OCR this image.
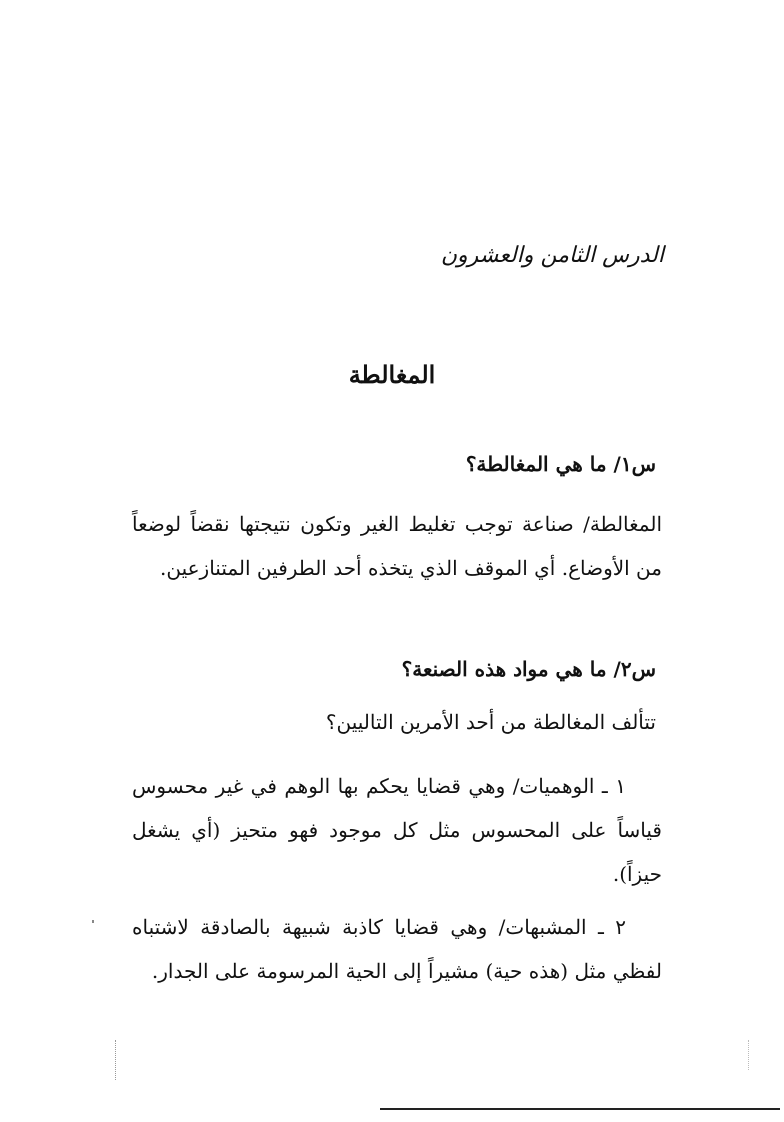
الدرس الثامن والعشرون
المغالطة
س١/ ما هي المغالطة؟
المغالطة/ صناعة توجب تغليط الغير وتكون نتيجتها نقضاً لوضعاً من الأوضاع. أي الموقف الذي يتخذه أحد الطرفين المتنازعين.
س٢/ ما هي مواد هذه الصنعة؟
تتألف المغالطة من أحد الأمرين التاليين؟
١ ـ الوهميات/ وهي قضايا يحكم بها الوهم في غير محسوس قياساً على المحسوس مثل كل موجود فهو متحيز (أي يشغل حيزاً).
٢ ـ المشبهات/ وهي قضايا كاذبة شبيهة بالصادقة لاشتباه لفظي مثل (هذه حية) مشيراً إلى الحية المرسومة على الجدار.
